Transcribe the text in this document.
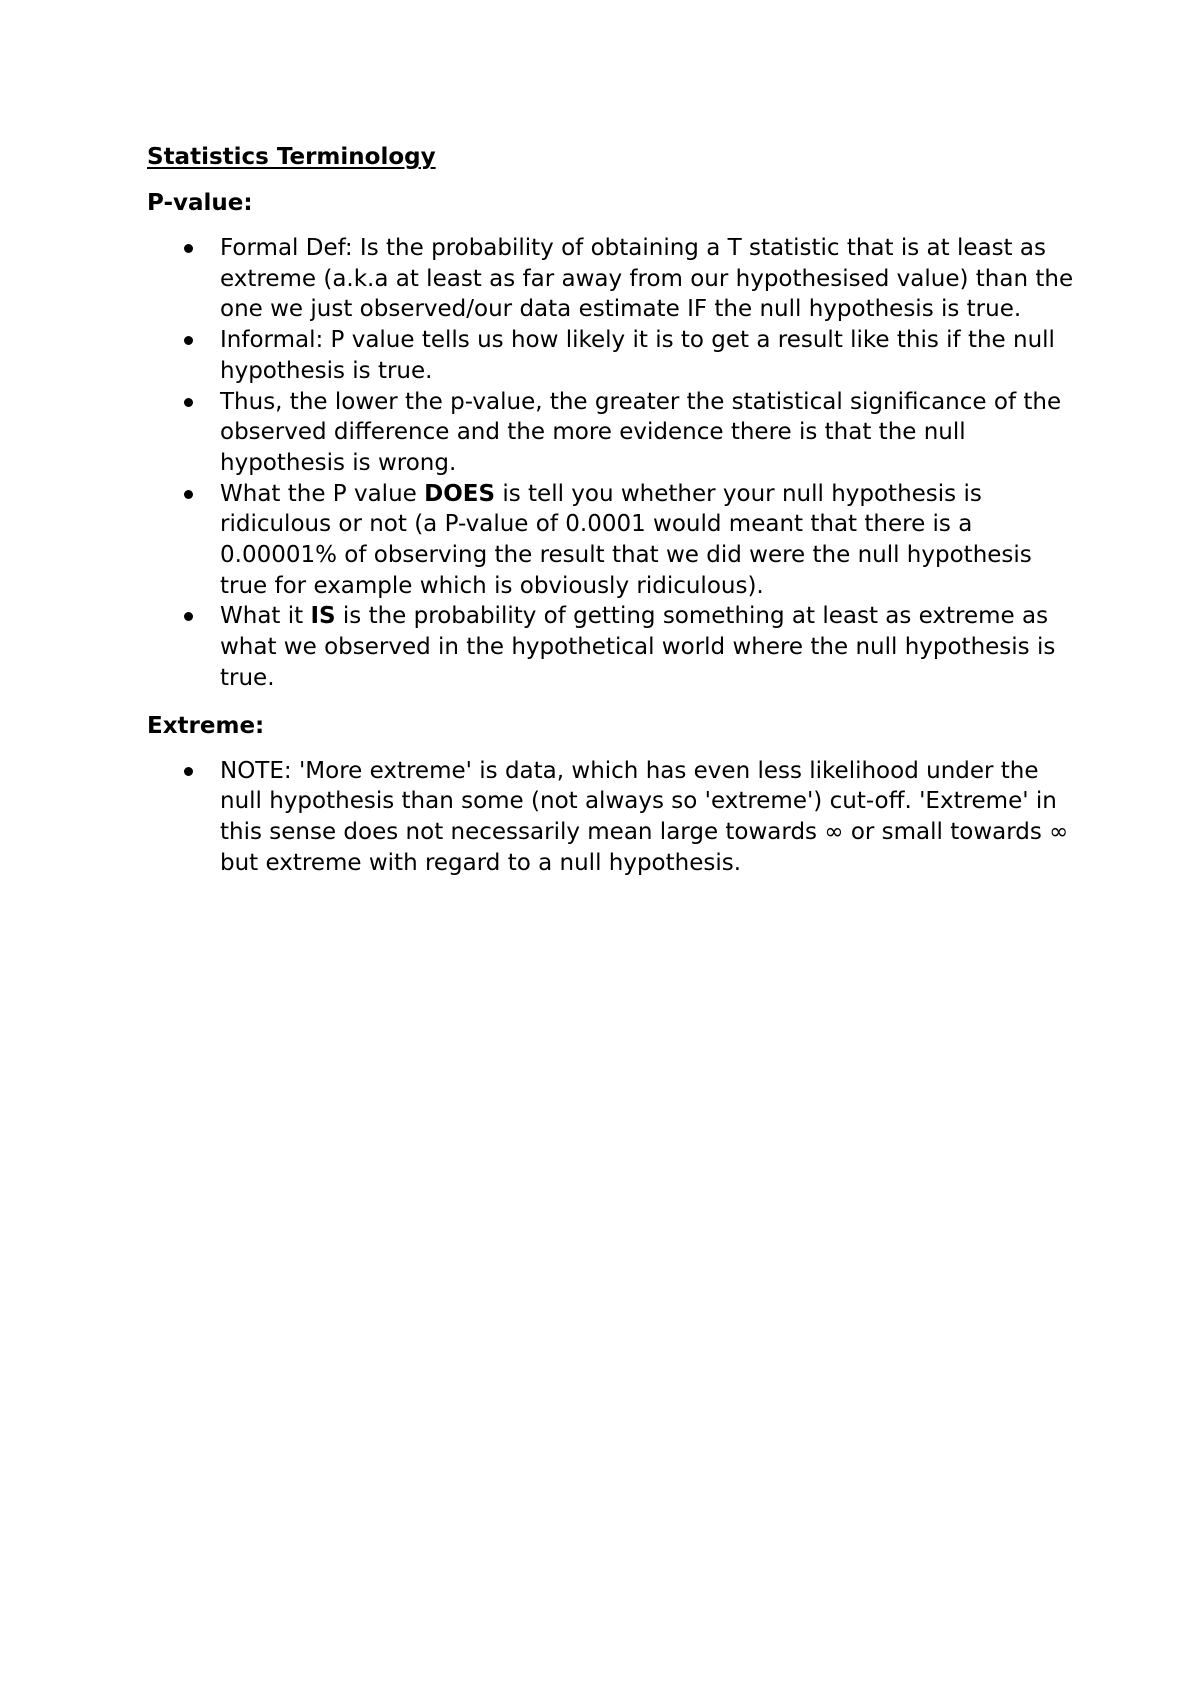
Statistics Terminology
P-value:
Formal Def: Is the probability of obtaining a T statistic that is at least as extreme (a.k.a at least as far away from our hypothesised value) than the one we just observed/our data estimate IF the null hypothesis is true.
Informal: P value tells us how likely it is to get a result like this if the null hypothesis is true.
Thus, the lower the p-value, the greater the statistical significance of the observed difference and the more evidence there is that the null hypothesis is wrong.
What the P value DOES is tell you whether your null hypothesis is ridiculous or not (a P-value of 0.0001 would meant that there is a 0.00001% of observing the result that we did were the null hypothesis true for example which is obviously ridiculous).
What it IS is the probability of getting something at least as extreme as what we observed in the hypothetical world where the null hypothesis is true.
Extreme:
NOTE: 'More extreme' is data, which has even less likelihood under the null hypothesis than some (not always so 'extreme') cut-off. 'Extreme' in this sense does not necessarily mean large towards ∞ or small towards ∞ but extreme with regard to a null hypothesis.
